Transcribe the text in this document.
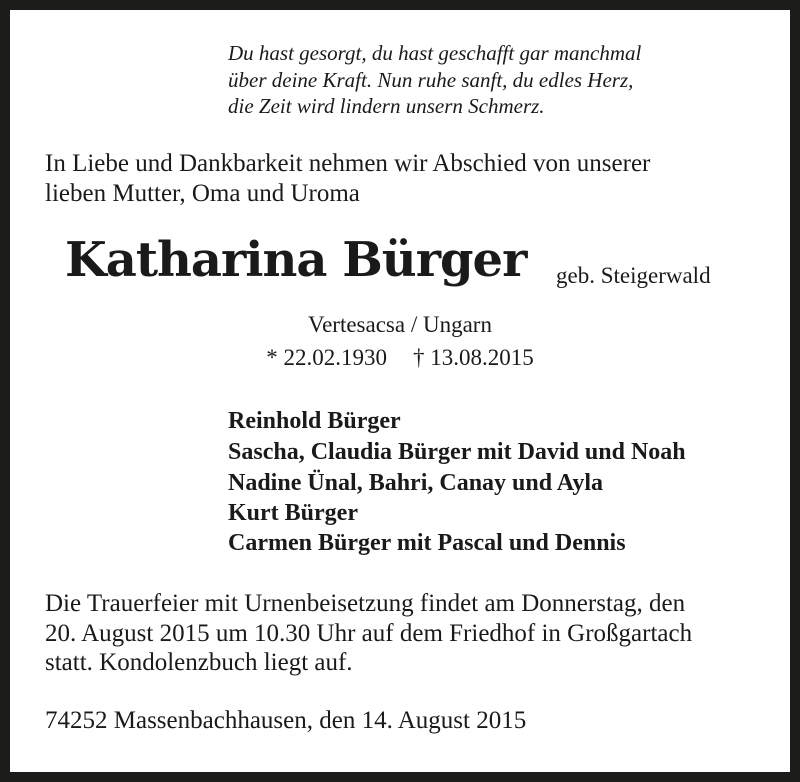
Du hast gesorgt, du hast geschafft gar manchmal

über deine Kraft. Nun ruhe sanft, du edles Herz,

die Zeit wird lindern unsern Schmerz.

In Liebe und Dankbarkeit nehmen wir Abschied von unserer

lieben Mutter, Oma und Uroma

Katharina Bürger geb. Steigerwald

Vertesacsa / Ungarn

* 22.02.1930 † 13.08.2015

Reinhold Bürger

Sascha, Claudia Bürger mit David und Noah

Nadine Ünal, Bahri, Canay und Ayla

Kurt Bürger

Carmen Bürger mit Pascal und Dennis

Die Trauerfeier mit Urnenbeisetzung findet am Donnerstag, den

20. August 2015 um 10.30 Uhr auf dem Friedhof in Großgartach

statt. Kondolenzbuch liegt auf.

74252 Massenbachhausen, den 14. August 2015
